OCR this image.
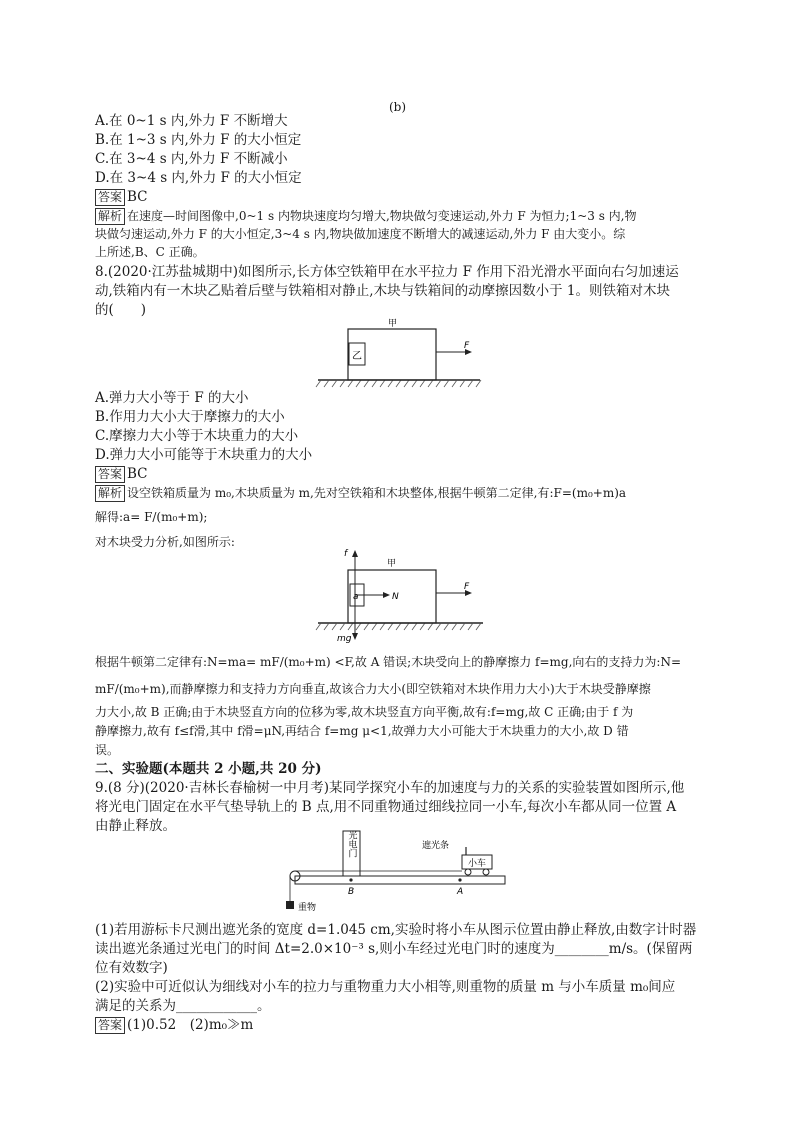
(b)
A.在 0~1 s 内,外力 F 不断增大
B.在 1~3 s 内,外力 F 的大小恒定
C.在 3~4 s 内,外力 F 不断减小
D.在 3~4 s 内,外力 F 的大小恒定
答案 BC
解析 在速度—时间图像中,0~1 s 内物块速度均匀增大,物块做匀变速运动,外力 F 为恒力;1~3 s 内,物
块做匀速运动,外力 F 的大小恒定,3~4 s 内,物块做加速度不断增大的减速运动,外力 F 由大变小。综
上所述,B、C 正确。
8.(2020·江苏盐城期中)如图所示,长方体空铁箱甲在水平拉力 F 作用下沿光滑水平面向右匀加速运
动,铁箱内有一木块乙贴着后壁与铁箱相对静止,木块与铁箱间的动摩擦因数小于 1。则铁箱对木块
的(　　)
乙
甲
F
A.弹力大小等于 F 的大小
B.作用力大小大于摩擦力的大小
C.摩擦力大小等于木块重力的大小
D.弹力大小可能等于木块重力的大小
答案 BC
解析 设空铁箱质量为 m₀,木块质量为 m,先对空铁箱和木块整体,根据牛顿第二定律,有:F=(m₀+m)a
解得:a= F/(m₀+m);
对木块受力分析,如图所示:
a
甲
f
mg
N
F
根据牛顿第二定律有:N=ma= mF/(m₀+m) <F,故 A 错误;木块受向上的静摩擦力 f=mg,向右的支持力为:N=
mF/(m₀+m),而静摩擦力和支持力方向垂直,故该合力大小(即空铁箱对木块作用力大小)大于木块受静摩擦
力大小,故 B 正确;由于木块竖直方向的位移为零,故木块竖直方向平衡,故有:f=mg,故 C 正确;由于 f 为
静摩擦力,故有 f≤f滑,其中 f滑=μN,再结合 f=mg μ<1,故弹力大小可能大于木块重力的大小,故 D 错
误。
二、实验题(本题共 2 小题,共 20 分)
9.(8 分)(2020·吉林长春榆树一中月考)某同学探究小车的加速度与力的关系的实验装置如图所示,他
将光电门固定在水平气垫导轨上的 B 点,用不同重物通过细线拉同一小车,每次小车都从同一位置 A
由静止释放。
重物
光电门
B	A
小车
遮光条
(1)若用游标卡尺测出遮光条的宽度 d=1.045 cm,实验时将小车从图示位置由静止释放,由数字计时器
读出遮光条通过光电门的时间 Δt=2.0×10⁻³ s,则小车经过光电门时的速度为________m/s。(保留两
位有效数字)
(2)实验中可近似认为细线对小车的拉力与重物重力大小相等,则重物的质量 m 与小车质量 m₀间应
满足的关系为____________。
答案 (1)0.52　(2)m₀≫m
